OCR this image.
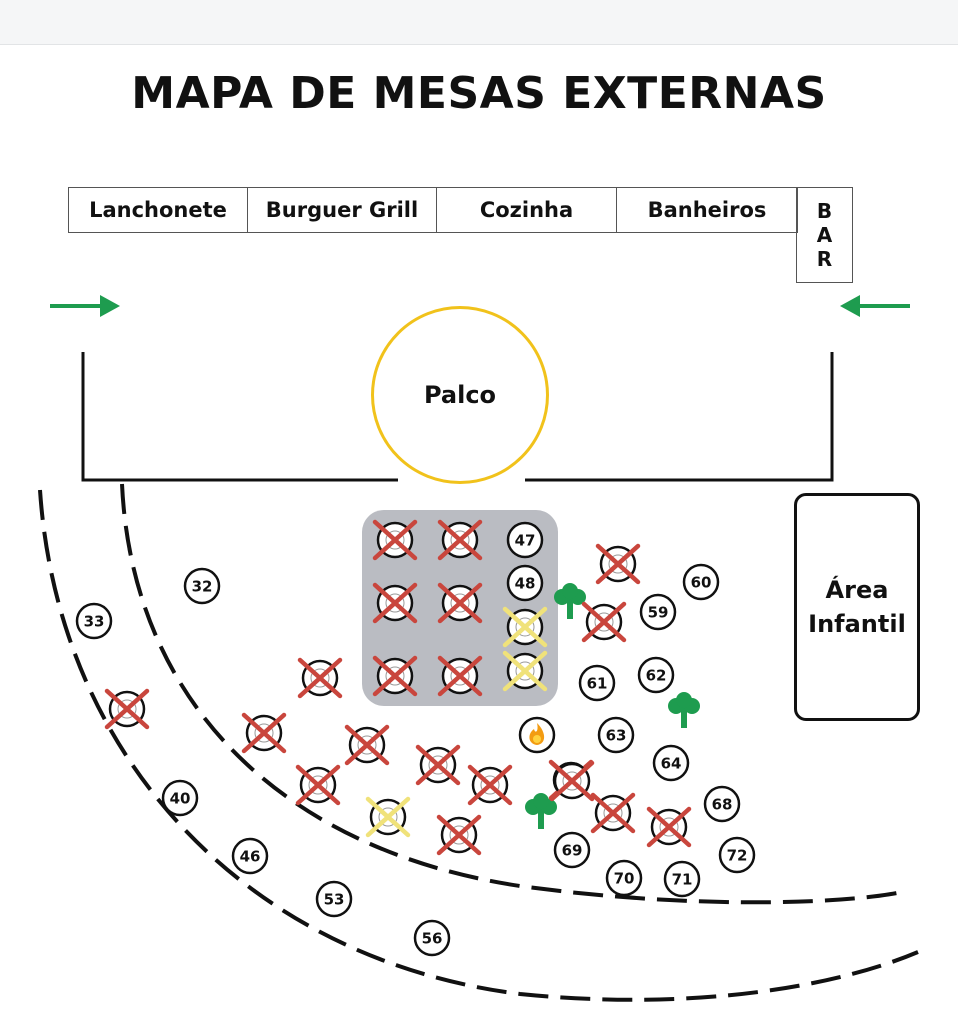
MAPA DE MESAS EXTERNAS
Lanchonete	Burguer Grill	Cozinha	Banheiros	B
A
R
47
48
32
33
40
46
53
56
59
60
61	62
63
64
68
69
70 71
72
Palco
Área
Infantil
